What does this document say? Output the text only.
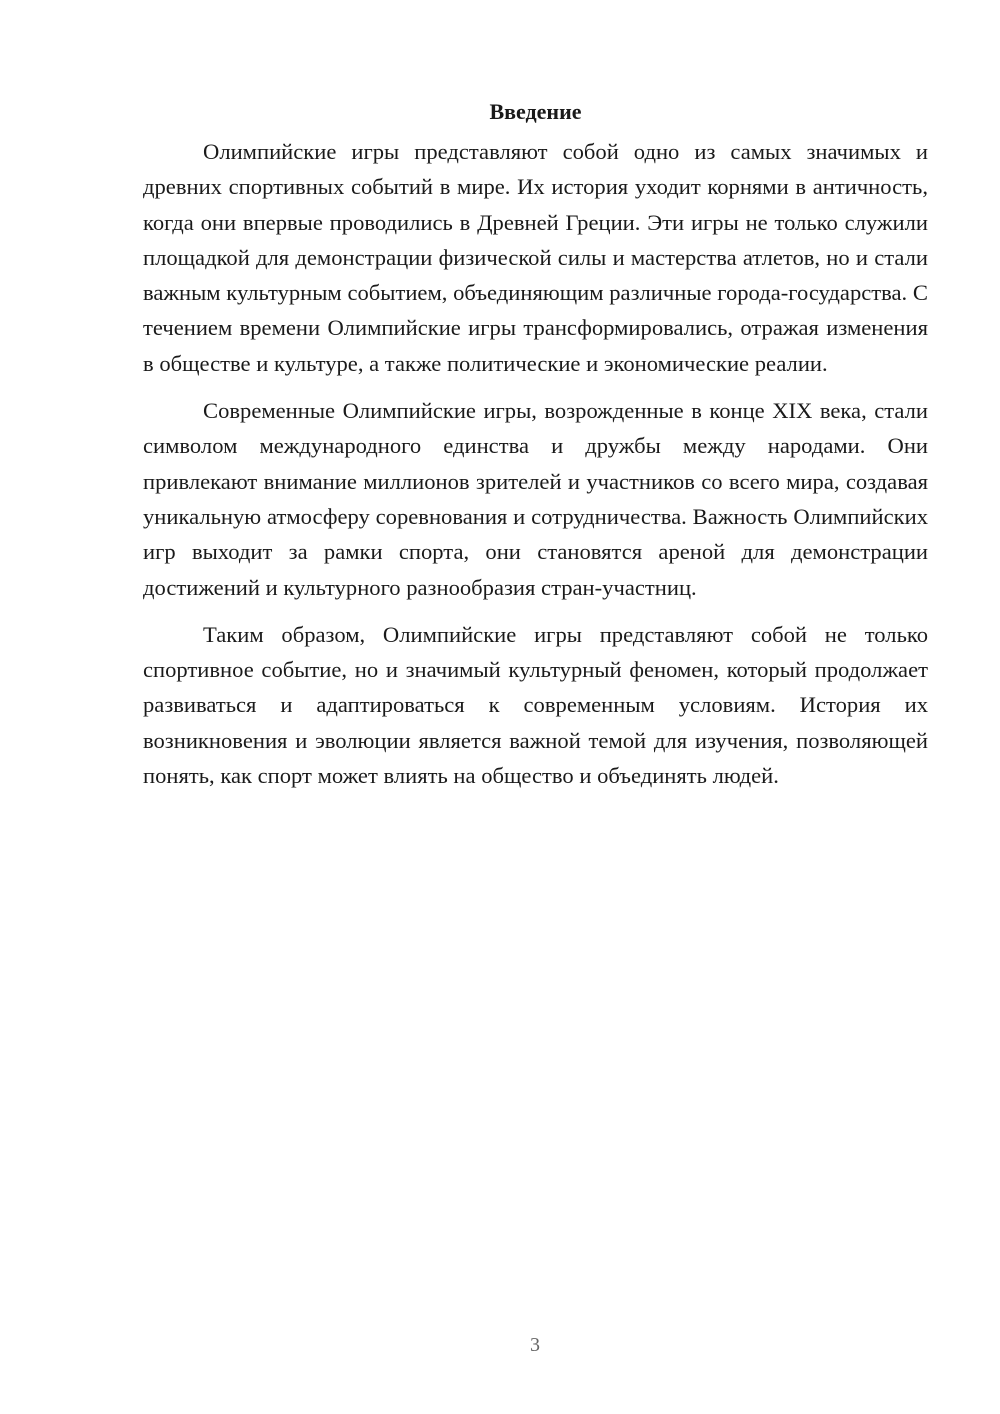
Введение

Олимпийские игры представляют собой одно из самых значимых и древних спортивных событий в мире. Их история уходит корнями в античность, когда они впервые проводились в Древней Греции. Эти игры не только служили площадкой для демонстрации физической силы и мастерства атлетов, но и стали важным культурным событием, объединяющим различные города-государства. С течением времени Олимпийские игры трансформировались, отражая изменения в обществе и культуре, а также политические и экономические реалии.

Современные Олимпийские игры, возрожденные в конце XIX века, стали символом международного единства и дружбы между народами. Они привлекают внимание миллионов зрителей и участников со всего мира, создавая уникальную атмосферу соревнования и сотрудничества. Важность Олимпийских игр выходит за рамки спорта, они становятся ареной для демонстрации достижений и культурного разнообразия стран-участниц.

Таким образом, Олимпийские игры представляют собой не только спортивное событие, но и значимый культурный феномен, который продолжает развиваться и адаптироваться к современным условиям. История их возникновения и эволюции является важной темой для изучения, позволяющей понять, как спорт может влиять на общество и объединять людей.

3
